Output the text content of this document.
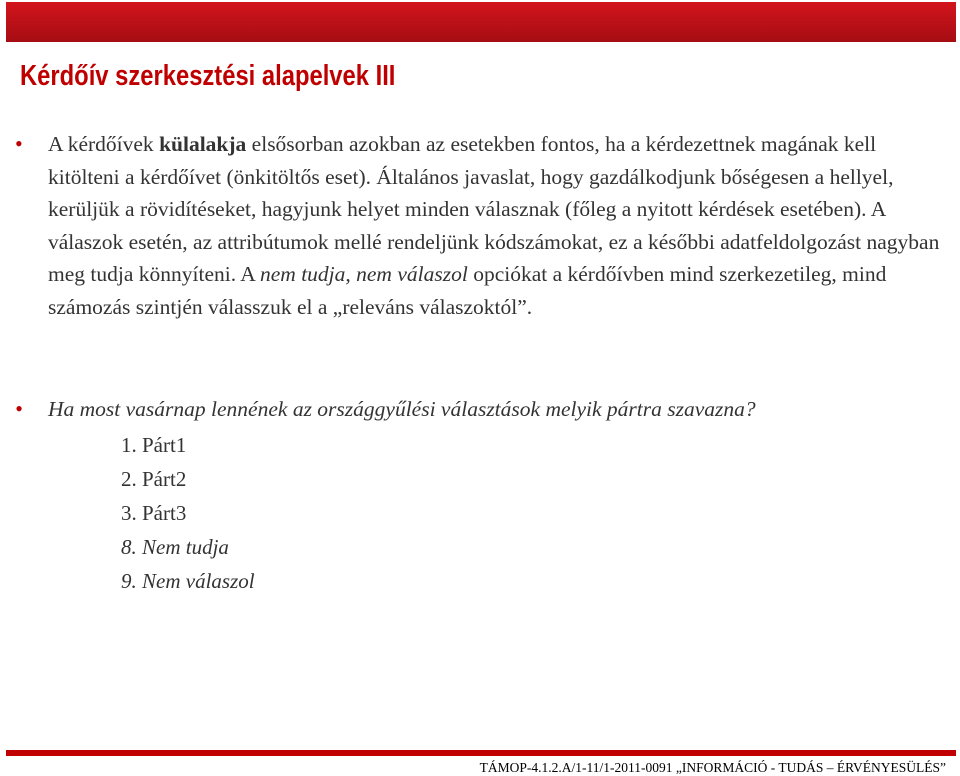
Kérdőív szerkesztési alapelvek III
• A kérdőívek külalakja elsősorban azokban az esetekben fontos, ha a kérdezettnek magának kell kitölteni a kérdőívet (önkitöltős eset). Általános javaslat, hogy gazdálkodjunk bőségesen a hellyel, kerüljük a rövidítéseket, hagyjunk helyet minden válasznak (főleg a nyitott kérdések esetében). A válaszok esetén, az attribútumok mellé rendeljünk kódszámokat, ez a későbbi adatfeldolgozást nagyban meg tudja könnyíteni. A nem tudja, nem válaszol opciókat a kérdőívben mind szerkezetileg, mind számozás szintjén válasszuk el a „releváns válaszoktól”.
• Ha most vasárnap lennének az országgyűlési választások melyik pártra szavazna?
1. Párt1
2. Párt2
3. Párt3
8. Nem tudja
9. Nem válaszol
TÁMOP-4.1.2.A/1-11/1-2011-0091 „INFORMÁCIÓ - TUDÁS – ÉRVÉNYESÜLÉS”
